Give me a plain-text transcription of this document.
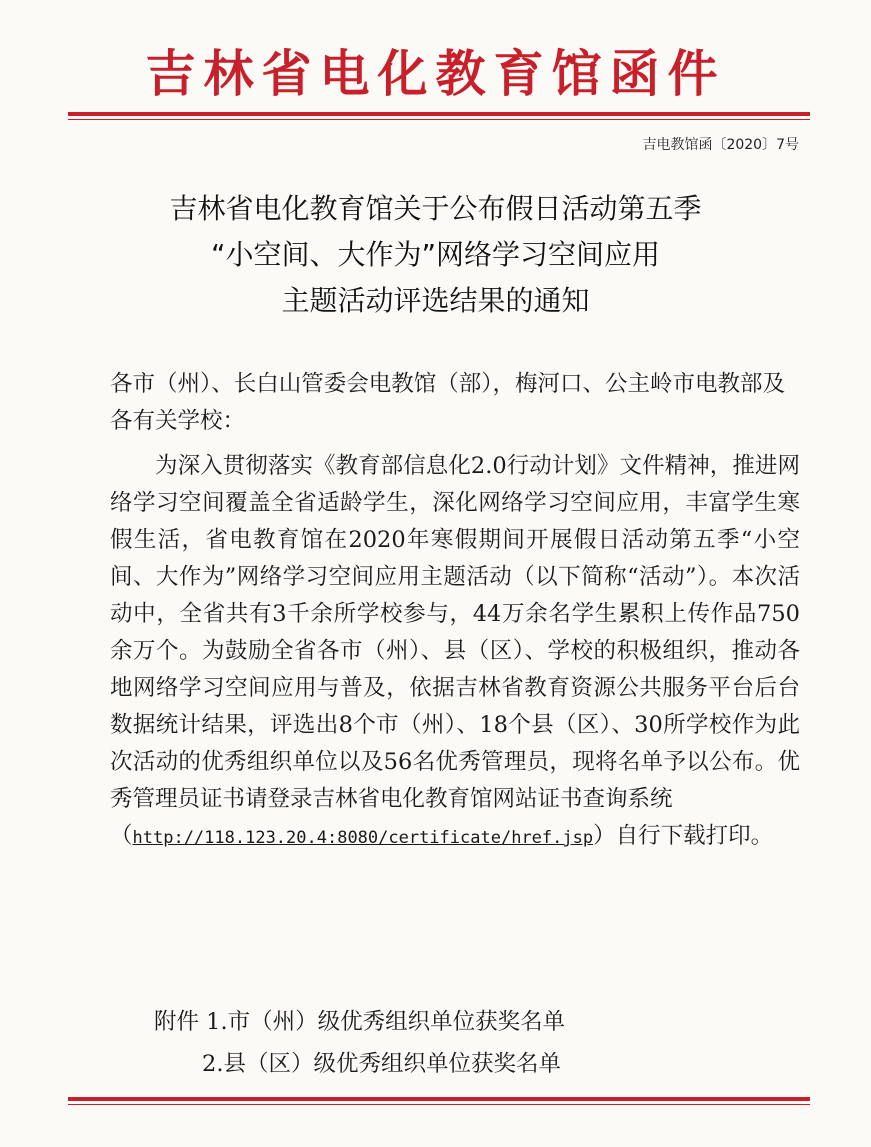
吉林省电化教育馆函件
吉电教馆函〔2020〕7号
吉林省电化教育馆关于公布假日活动第五季
“小空间、大作为”网络学习空间应用
主题活动评选结果的通知
各市（州）、长白山管委会电教馆（部），梅河口、公主岭市电教部及各有关学校：
为深入贯彻落实《教育部信息化2.0行动计划》文件精神，推进网络学习空间覆盖全省适龄学生，深化网络学习空间应用，丰富学生寒假生活，省电教育馆在2020年寒假期间开展假日活动第五季“小空间、大作为”网络学习空间应用主题活动（以下简称“活动”）。本次活动中，全省共有3千余所学校参与，44万余名学生累积上传作品750余万个。为鼓励全省各市（州）、县（区）、学校的积极组织，推动各地网络学习空间应用与普及，依据吉林省教育资源公共服务平台后台数据统计结果，评选出8个市（州）、18个县（区）、30所学校作为此次活动的优秀组织单位以及56名优秀管理员，现将名单予以公布。优秀管理员证书请登录吉林省电化教育馆网站证书查询系统
（http://118.123.20.4:8080/certificate/href.jsp）自行下载打印。
附件 1.市（州）级优秀组织单位获奖名单
2.县（区）级优秀组织单位获奖名单
